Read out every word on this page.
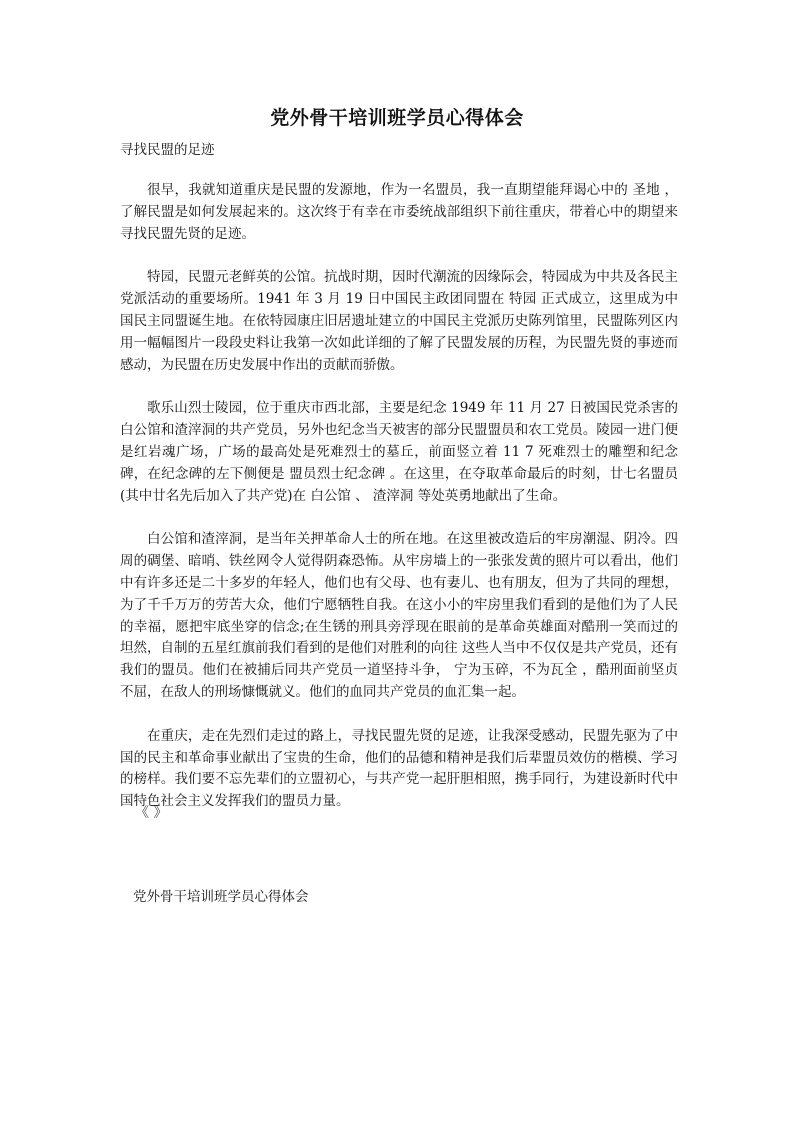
党外骨干培训班学员心得体会
寻找民盟的足迹

很早，我就知道重庆是民盟的发源地，作为一名盟员，我一直期望能拜谒心中的 圣地 ，了解民盟是如何发展起来的。这次终于有幸在市委统战部组织下前往重庆，带着心中的期望来寻找民盟先贤的足迹。

特园，民盟元老鲜英的公馆。抗战时期，因时代潮流的因缘际会，特园成为中共及各民主党派活动的重要场所。1941 年 3 月 19 日中国民主政团同盟在 特园 正式成立，这里成为中国民主同盟诞生地。在依特园康庄旧居遗址建立的中国民主党派历史陈列馆里，民盟陈列区内用一幅幅图片一段段史料让我第一次如此详细的了解了民盟发展的历程，为民盟先贤的事迹而感动，为民盟在历史发展中作出的贡献而骄傲。

歌乐山烈士陵园，位于重庆市西北部，主要是纪念 1949 年 11 月 27 日被国民党杀害的白公馆和渣滓洞的共产党员，另外也纪念当天被害的部分民盟盟员和农工党员。陵园一进门便是红岩魂广场，广场的最高处是死难烈士的墓丘，前面竖立着 11 7 死难烈士的雕塑和纪念碑，在纪念碑的左下侧便是 盟员烈士纪念碑 。在这里，在夺取革命最后的时刻，廿七名盟员(其中廿名先后加入了共产党)在 白公馆 、 渣滓洞 等处英勇地献出了生命。

白公馆和渣滓洞，是当年关押革命人士的所在地。在这里被改造后的牢房潮湿、阴冷。四周的碉堡、暗哨、铁丝网令人觉得阴森恐怖。从牢房墙上的一张张发黄的照片可以看出，他们中有许多还是二十多岁的年轻人，他们也有父母、也有妻儿、也有朋友，但为了共同的理想，为了千千万万的劳苦大众，他们宁愿牺牲自我。在这小小的牢房里我们看到的是他们为了人民的幸福，愿把牢底坐穿的信念;在生锈的刑具旁浮现在眼前的是革命英雄面对酷刑一笑而过的坦然，自制的五星红旗前我们看到的是他们对胜利的向往 这些人当中不仅仅是共产党员，还有我们的盟员。他们在被捕后同共产党员一道坚持斗争， 宁为玉碎，不为瓦全 ，酷刑面前坚贞不屈，在敌人的刑场慷慨就义。他们的血同共产党员的血汇集一起。

在重庆，走在先烈们走过的路上，寻找民盟先贤的足迹，让我深受感动，民盟先驱为了中国的民主和革命事业献出了宝贵的生命，他们的品德和精神是我们后辈盟员效仿的楷模、学习的榜样。我们要不忘先辈们的立盟初心，与共产党一起肝胆相照，携手同行，为建设新时代中国特色社会主义发挥我们的盟员力量。

《 》
党外骨干培训班学员心得体会
